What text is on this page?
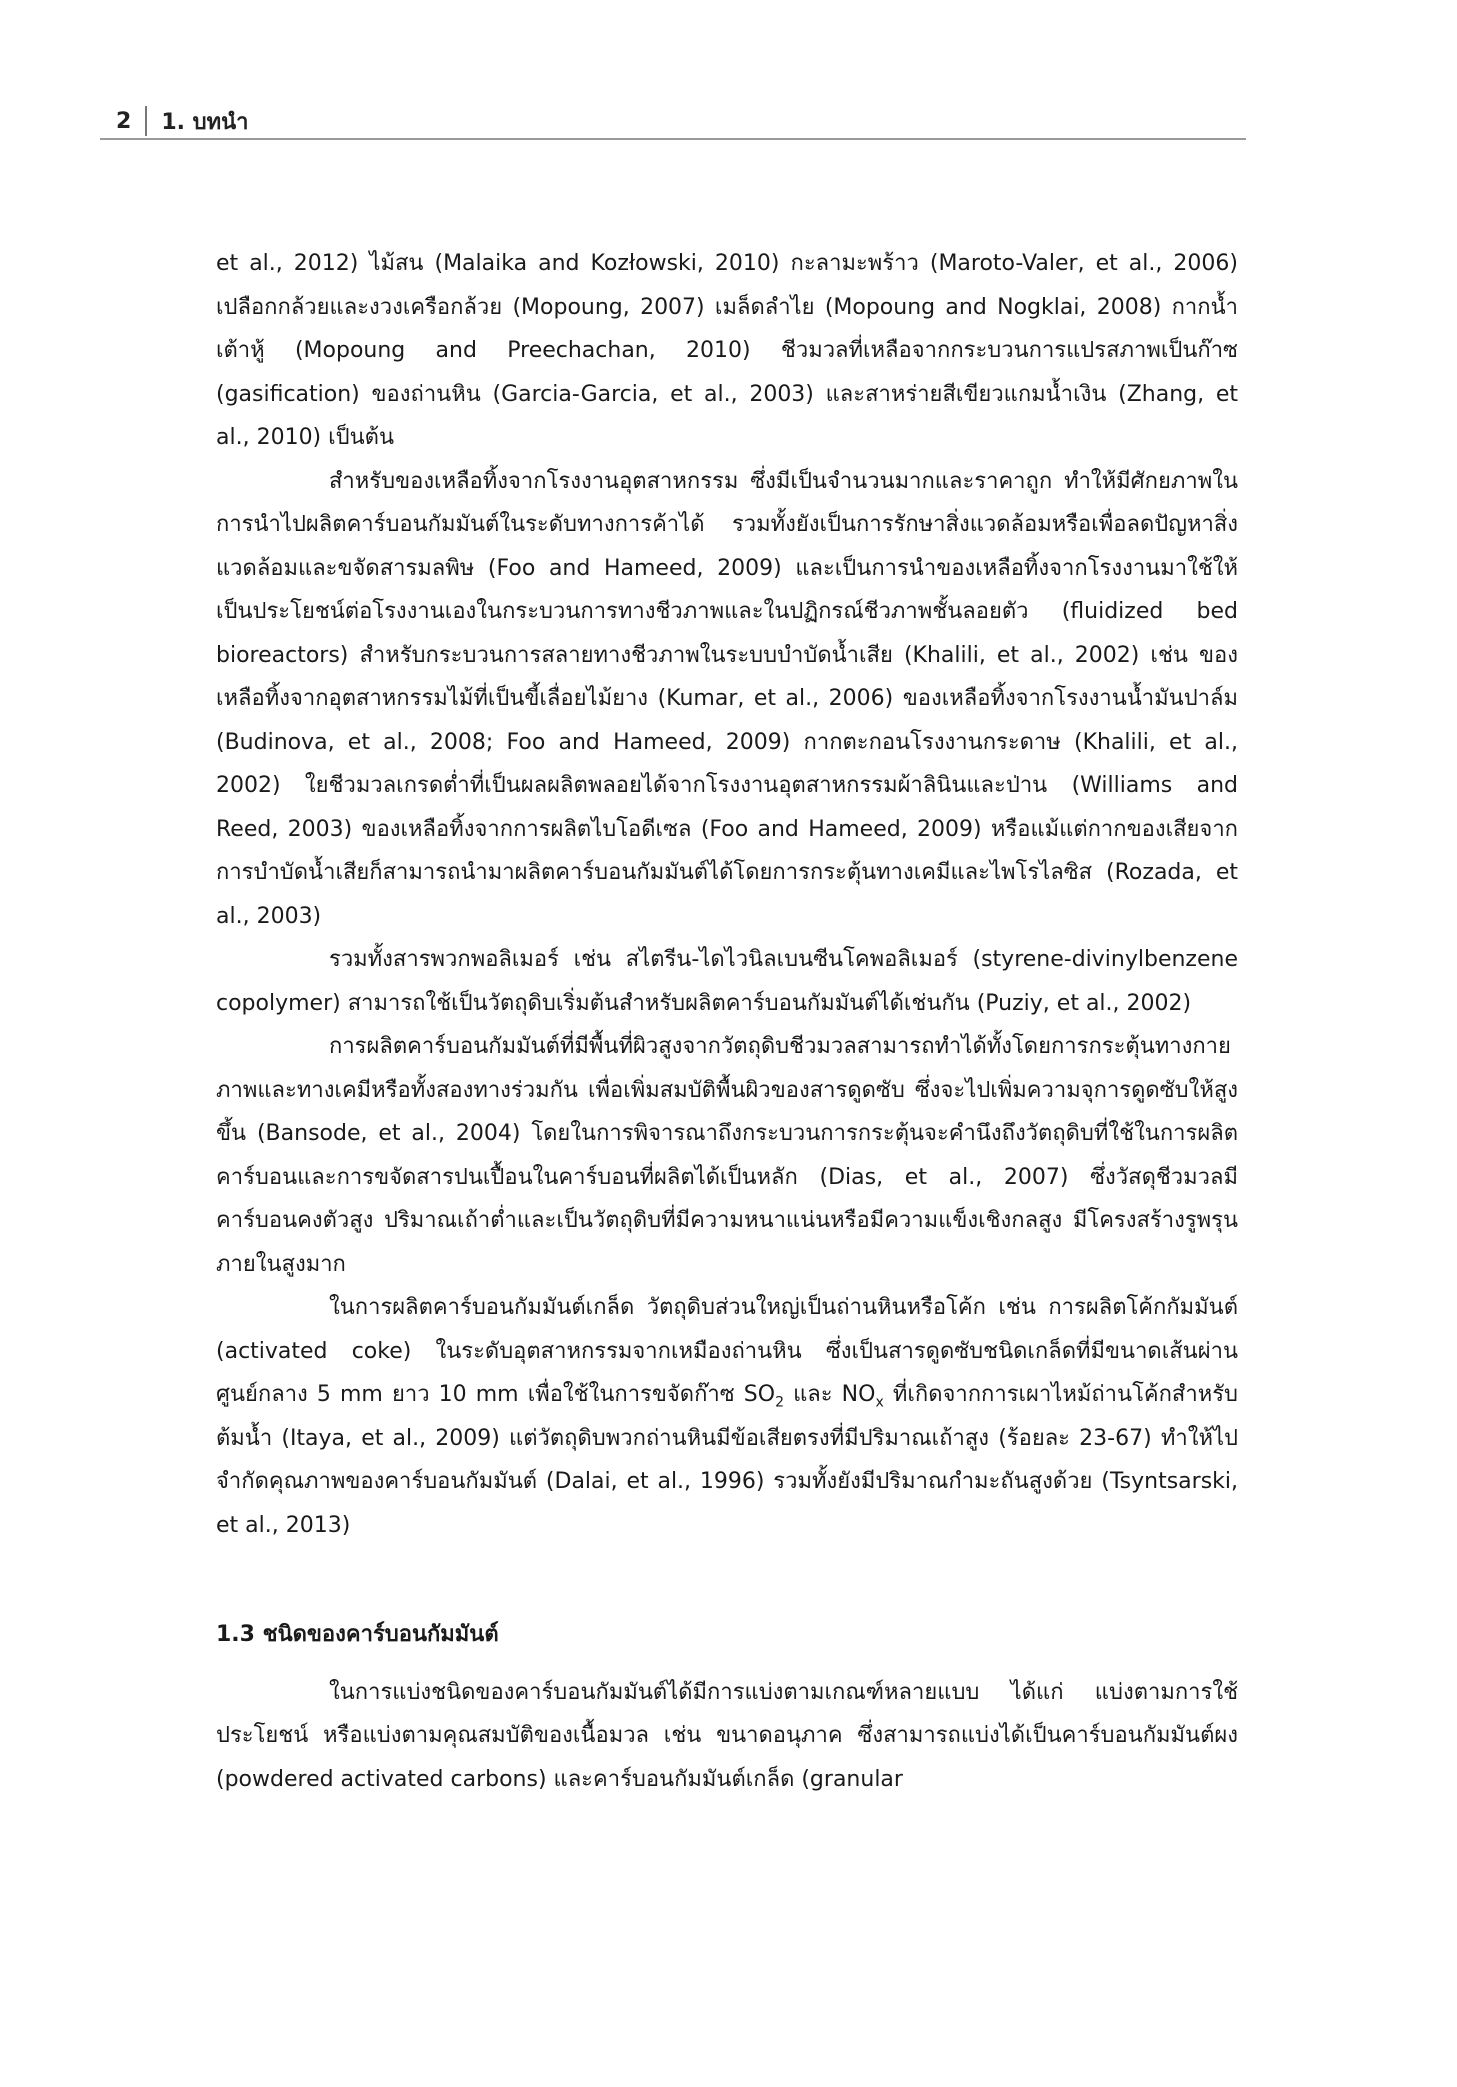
2	1. บทนำ

et al., 2012) ไม้สน (Malaika and Kozłowski, 2010) กะลามะพร้าว (Maroto-Valer, et al., 2006) เปลือกกล้วยและงวงเครือกล้วย (Mopoung, 2007) เมล็ดลำไย (Mopoung and Nogklai, 2008) กากน้ำเต้าหู้ (Mopoung and Preechachan, 2010) ชีวมวลที่เหลือจากกระบวนการแปรสภาพเป็นก๊าซ (gasification) ของถ่านหิน (Garcia-Garcia, et al., 2003) และสาหร่ายสีเขียวแกมน้ำเงิน (Zhang, et al., 2010) เป็นต้น

สำหรับของเหลือทิ้งจากโรงงานอุตสาหกรรม ซึ่งมีเป็นจำนวนมากและราคาถูก ทำให้มีศักยภาพในการนำไปผลิตคาร์บอนกัมมันต์ในระดับทางการค้าได้ รวมทั้งยังเป็นการรักษาสิ่งแวดล้อมหรือเพื่อลดปัญหาสิ่งแวดล้อมและขจัดสารมลพิษ (Foo and Hameed, 2009) และเป็นการนำของเหลือทิ้งจากโรงงานมาใช้ให้เป็นประโยชน์ต่อโรงงานเองในกระบวนการทางชีวภาพและในปฏิกรณ์ชีวภาพชั้นลอยตัว (fluidized bed bioreactors) สำหรับกระบวนการสลายทางชีวภาพในระบบบำบัดน้ำเสีย (Khalili, et al., 2002) เช่น ของเหลือทิ้งจากอุตสาหกรรมไม้ที่เป็นขี้เลื่อยไม้ยาง (Kumar, et al., 2006) ของเหลือทิ้งจากโรงงานน้ำมันปาล์ม (Budinova, et al., 2008; Foo and Hameed, 2009) กากตะกอนโรงงานกระดาษ (Khalili, et al., 2002) ใยชีวมวลเกรดต่ำที่เป็นผลผลิตพลอยได้จากโรงงานอุตสาหกรรมผ้าลินินและป่าน (Williams and Reed, 2003) ของเหลือทิ้งจากการผลิตไบโอดีเซล (Foo and Hameed, 2009) หรือแม้แต่กากของเสียจากการบำบัดน้ำเสียก็สามารถนำมาผลิตคาร์บอนกัมมันต์ได้โดยการกระตุ้นทางเคมีและไพโรไลซิส (Rozada, et al., 2003)

รวมทั้งสารพวกพอลิเมอร์ เช่น สไตรีน-ไดไวนิลเบนซีนโคพอลิเมอร์ (styrene-divinylbenzene copolymer) สามารถใช้เป็นวัตถุดิบเริ่มต้นสำหรับผลิตคาร์บอนกัมมันต์ได้เช่นกัน (Puziy, et al., 2002)

การผลิตคาร์บอนกัมมันต์ที่มีพื้นที่ผิวสูงจากวัตถุดิบชีวมวลสามารถทำได้ทั้งโดยการกระตุ้นทางกายภาพและทางเคมีหรือทั้งสองทางร่วมกัน เพื่อเพิ่มสมบัติพื้นผิวของสารดูดซับ ซึ่งจะไปเพิ่มความจุการดูดซับให้สูงขึ้น (Bansode, et al., 2004) โดยในการพิจารณาถึงกระบวนการกระตุ้นจะคำนึงถึงวัตถุดิบที่ใช้ในการผลิตคาร์บอนและการขจัดสารปนเปื้อนในคาร์บอนที่ผลิตได้เป็นหลัก (Dias, et al., 2007) ซึ่งวัสดุชีวมวลมีคาร์บอนคงตัวสูง ปริมาณเถ้าต่ำและเป็นวัตถุดิบที่มีความหนาแน่นหรือมีความแข็งเชิงกลสูง มีโครงสร้างรูพรุนภายในสูงมาก

ในการผลิตคาร์บอนกัมมันต์เกล็ด วัตถุดิบส่วนใหญ่เป็นถ่านหินหรือโค้ก เช่น การผลิตโค้กกัมมันต์ (activated coke) ในระดับอุตสาหกรรมจากเหมืองถ่านหิน ซึ่งเป็นสารดูดซับชนิดเกล็ดที่มีขนาดเส้นผ่านศูนย์กลาง 5 mm ยาว 10 mm เพื่อใช้ในการขจัดก๊าซ $SO_2$ และ $NO_x$ ที่เกิดจากการเผาไหม้ถ่านโค้กสำหรับต้มน้ำ (Itaya, et al., 2009) แต่วัตถุดิบพวกถ่านหินมีข้อเสียตรงที่มีปริมาณเถ้าสูง (ร้อยละ 23-67) ทำให้ไปจำกัดคุณภาพของคาร์บอนกัมมันต์ (Dalai, et al., 1996) รวมทั้งยังมีปริมาณกำมะถันสูงด้วย (Tsyntsarski, et al., 2013)

1.3 ชนิดของคาร์บอนกัมมันต์

ในการแบ่งชนิดของคาร์บอนกัมมันต์ได้มีการแบ่งตามเกณฑ์หลายแบบ ได้แก่ แบ่งตามการใช้ประโยชน์ หรือแบ่งตามคุณสมบัติของเนื้อมวล เช่น ขนาดอนุภาค ซึ่งสามารถแบ่งได้เป็นคาร์บอนกัมมันต์ผง (powdered activated carbons) และคาร์บอนกัมมันต์เกล็ด (granular
